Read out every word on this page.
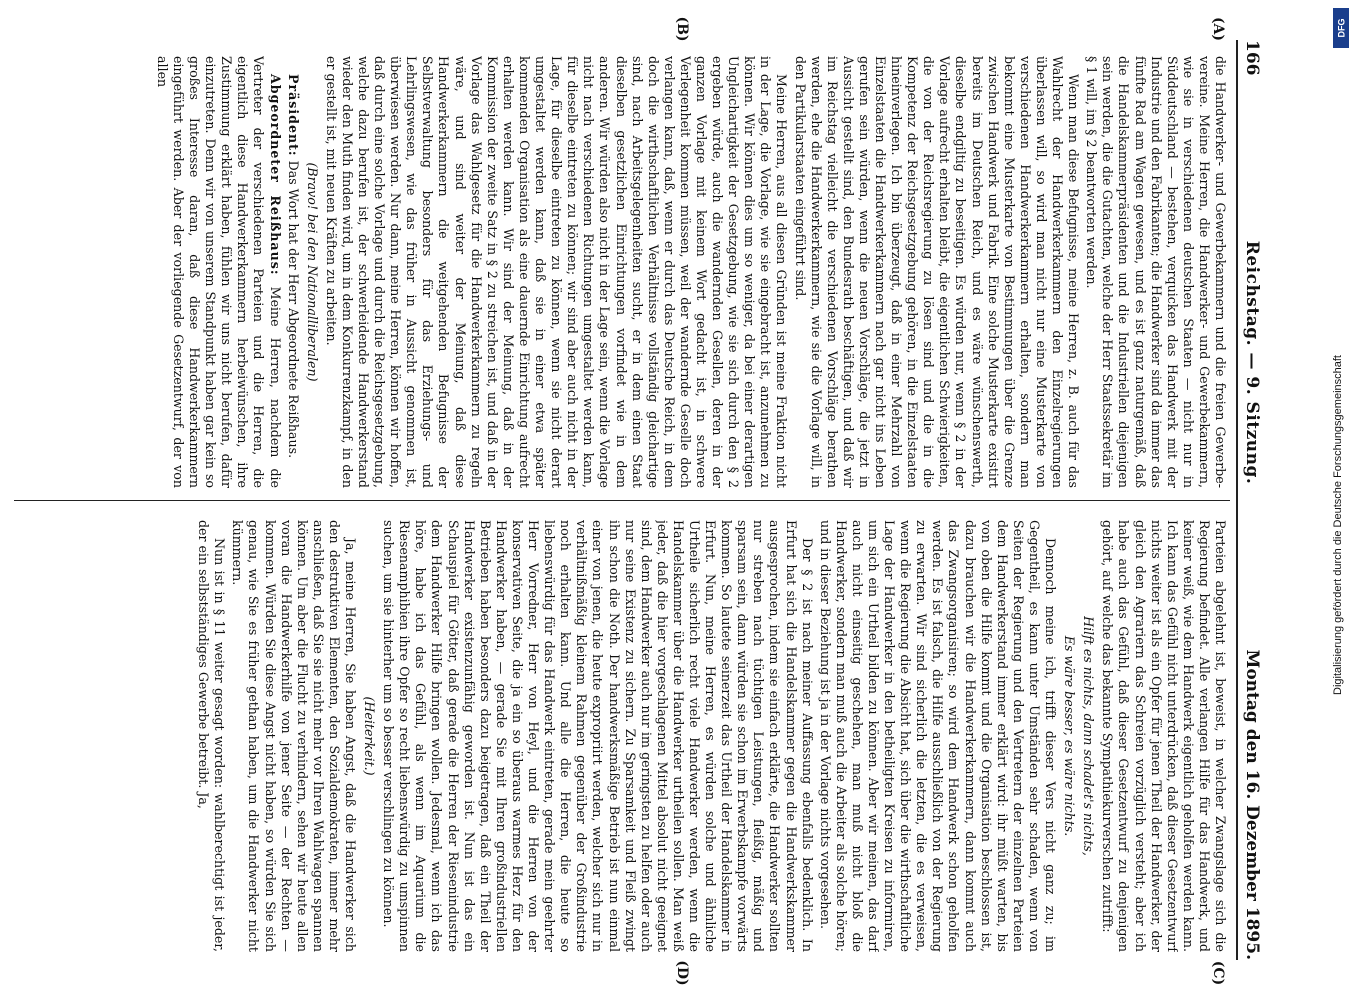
166
Reichstag. — 9. Sitzung.
Montag den 16. Dezember 1895.
(A)
(B)
(C)
(D)

die Handwerker- und Gewerbekammern und die freien Gewerbe-vereine. Meine Herren, die Handwerker- und Gewerbekammern, wie sie in verschiedenen deutschen Staaten — nicht nur in Süddeutschland — bestehen, verquicken das Handwerk mit der Industrie und den Fabrikanten; die Handwerker sind da immer das fünfte Rad am Wagen gewesen, und es ist ganz naturgemäß, daß die Handelskammerpräsidenten und die Industriellen diejenigen sein werden, die die Gutachten, welche der Herr Staatssekretär im § 1 will, im § 2 beantworten werden.

Wenn man diese Befugnisse, meine Herren, z. B. auch für das Wahlrecht der Handwerkerkammern den Einzelregierungen überlassen will, so wird man nicht nur eine Musterkarte von verschiedenen Handwerkerkammern erhalten, sondern man bekommt eine Musterkarte von Bestimmungen über die Grenze zwischen Handwerk und Fabrik. Eine solche Musterkarte existirt bereits im Deutschen Reich, und es wäre wünschenswerth, dieselbe endgiltig zu beseitigen. Es würden nur, wenn § 2 in der Vorlage aufrecht erhalten bleibt, die eigentlichen Schwierigkeiten, die von der Reichsregierung zu lösen sind und die in die Kompetenz der Reichsgesetzgebung gehören, in die Einzelstaaten hineinverlegen. Ich bin überzeugt, daß in einer Mehrzahl von Einzelstaaten die Handwerkerkammern nach gar nicht ins Leben gerufen sein würden, wenn die neuen Vorschläge, die jetzt in Aussicht gestellt sind, den Bundesrath beschäftigen, und daß wir im Reichstag vielleicht die verschiedenen Vorschläge berathen werden, ehe die Handwerkerkammern, wie sie die Vorlage will, in den Partikularstaaten eingeführt sind.

Meine Herren, aus all diesen Gründen ist meine Fraktion nicht in der Lage, die Vorlage, wie sie eingebracht ist, anzunehmen zu können. Wir können dies um so weniger, da bei einer derartigen Ungleichartigkeit der Gesetzgebung, wie sie sich durch den § 2 ergeben würde, auch die wandernden Gesellen, deren in der ganzen Vorlage mit keinem Wort gedacht ist, in schwere Verlegenheit kommen müssen, weil der wandernde Geselle doch verlangen kann, daß, wenn er durch das Deutsche Reich, in dem doch die wirthschaftlichen Verhältnisse vollständig gleichartige sind, nach Arbeitsgelegenheiten sucht, er in dem einen Staat dieselben gesetzlichen Einrichtungen vorfindet wie in dem anderen. Wir würden also nicht in der Lage sein, wenn die Vorlage nicht nach verschiedenen Richtungen umgestaltet werden kann, für dieselbe eintreten zu können; wir sind aber auch nicht in der Lage, für dieselbe eintreten zu können, wenn sie nicht derart umgestaltet werden kann, daß sie in einer etwa später kommenden Organisation als eine dauernde Einrichtung aufrecht erhalten werden kann. Wir sind der Meinung, daß in der Kommission der zweite Satz in § 2 zu streichen ist, und daß in der Vorlage das Wahlgesetz für die Handwerkerkammern zu regeln wäre, und sind weiter der Meinung, daß diese Handwerkerkammern die weitgehenden Befugnisse der Selbstverwaltung besonders für das Erziehungs- und Lehrlingswesen, wie das früher in Aussicht genommen ist, überwiesen werden. Nur dann, meine Herren, können wir hoffen, daß durch eine solche Vorlage und durch die Reichsgesetzgebung, welche dazu berufen ist, der schwerleidende Handwerkerstand wieder den Muth finden wird, um in dem Konkurrenzkampf, in den er gestellt ist, mit neuen Kräften zu arbeiten.

(Bravo! bei den Nationalliberalen)

Präsident: Das Wort hat der Herr Abgeordnete Reißhaus.

Abgeordneter Reißhaus: Meine Herren, nachdem die Vertreter der verschiedenen Parteien und die Herren, die eigentlich diese Handwerkerkammern herbeiwünschen, ihre Zustimmung erklärt haben, fühlen wir uns nicht berufen, dafür einzutreten. Denn wir von unserem Standpunkt haben gar kein so großes Interesse daran, daß diese Handwerkerkammern eingeführt werden. Aber der vorliegende Gesetzentwurf, der von allen

Parteien abgelehnt ist, beweist, in welcher Zwangslage sich die Regierung befindet. Alle verlangen Hilfe für das Handwerk, und keiner weiß, wie dem Handwerk eigentlich geholfen werden kann. Ich kann das Gefühl nicht unterdrücken, daß dieser Gesetzentwurf nichts weiter ist als ein Opfer für jenen Theil der Handwerker, der gleich den Agrariern das Schreien vorzüglich versteht; aber ich habe auch das Gefühl, daß dieser Gesetzentwurf zu denjenigen gehört, auf welche das bekannte Sympathiekurverschen zutrifft:

Hilft es nichts, dann schadet's nichts,

Es wäre besser, es wäre nichts.

Dennoch meine ich, trifft dieser Vers nicht ganz zu; im Gegentheil, es kann unter Umständen sehr schaden, wenn von Seiten der Regierung und den Vertretern der einzelnen Parteien dem Handwerkerstand immer erklärt wird: ihr müßt warten, bis von oben die Hilfe kommt und die Organisation beschlossen ist, dazu brauchen wir die Handwerkerkammern, dann kommt auch das Zwangsorganisiren; so wird dem Handwerk schon geholfen werden. Es ist falsch, die Hilfe ausschließlich von der Regierung zu erwarten. Wir sind sicherlich die letzten, die es verweisen, wenn die Regierung die Absicht hat, sich über die wirthschaftliche Lage der Handwerker in den betheiligten Kreisen zu informiren, um sich ein Urtheil bilden zu können. Aber wir meinen, das darf auch nicht einseitig geschehen, man muß nicht bloß die Handwerker, sondern man muß auch die Arbeiter als solche hören; und in dieser Beziehung ist ja in der Vorlage nichts vorgesehen.

Der § 2 ist nach meiner Auffassung ebenfalls bedenklich. In Erfurt hat sich die Handelskammer gegen die Handwerkskammer ausgesprochen, indem sie einfach erklärte, die Handwerker sollten nur streben nach tüchtigen Leistungen, fleißig, mäßig und sparsam sein, dann würden sie schon im Erwerbskampfe vorwärts kommen. So lautete seinerzeit das Urtheil der Handelskammer in Erfurt. Nun, meine Herren, es würden solche und ähnliche Urtheile sicherlich recht viele Handwerker werden, wenn die Handelskammer über die Handwerker urtheilen sollen. Man weiß jeder, daß die hier vorgeschlagenen Mittel absolut nicht geeignet sind, dem Handwerker auch nur im geringsten zu helfen oder auch nur seine Existenz zu sichern. Zu Sparsamkeit und Fleiß zwingt ihn schon die Noth. Der handwerksmäßige Betrieb ist nun einmal einer von jenen, die heute expropriirt werden, welcher sich nur in verhältnißmäßig kleinem Rahmen gegenüber der Großindustrie noch erhalten kann. Und alle die Herren, die heute so liebenswürdig für das Handwerk eintreten, gerade mein geehrter Herr Vorredner, Herr von Heyl, und die Herren von der konservativen Seite, die ja ein so überaus warmes Herz für den Handwerker haben, — gerade Sie mit Ihren großindustriellen Betrieben haben besonders dazu beigetragen, daß ein Theil der Handwerker existenzunfähig geworden ist. Nun ist das ein Schauspiel für Götter, daß gerade die Herren der Riesenindustrie dem Handwerker Hilfe bringen wollen. Jedesmal, wenn ich das höre, habe ich das Gefühl, als wenn im Aquarium die Riesenamphibien ihre Opfer so recht liebenswürdig zu umspinnen suchen, um sie hinterher um so besser verschlingen zu können.

(Heiterkeit.)

Ja, meine Herren, Sie haben Angst, daß die Handwerker sich den destruktiven Elementen, den Sozialdemokraten, immer mehr anschließen, daß Sie sie nicht mehr vor Ihren Wahlwagen spannen können. Um aber die Flucht zu verhindern, sehen wir heute allen voran die Handwerkerhilfe von jener Seite — der Rechten — kommen. Würden Sie diese Angst nicht haben, so würden Sie sich genau, wie Sie es früher gethan haben, um die Handwerker nicht kümmern.

Nun ist in § 11 weiter gesagt worden: wahlberechtigt ist jeder, der ein selbstständiges Gewerbe betreibt. Ja,

DFG
Digitalisierung gefördert durch die Deutsche Forschungsgemeinschaft
